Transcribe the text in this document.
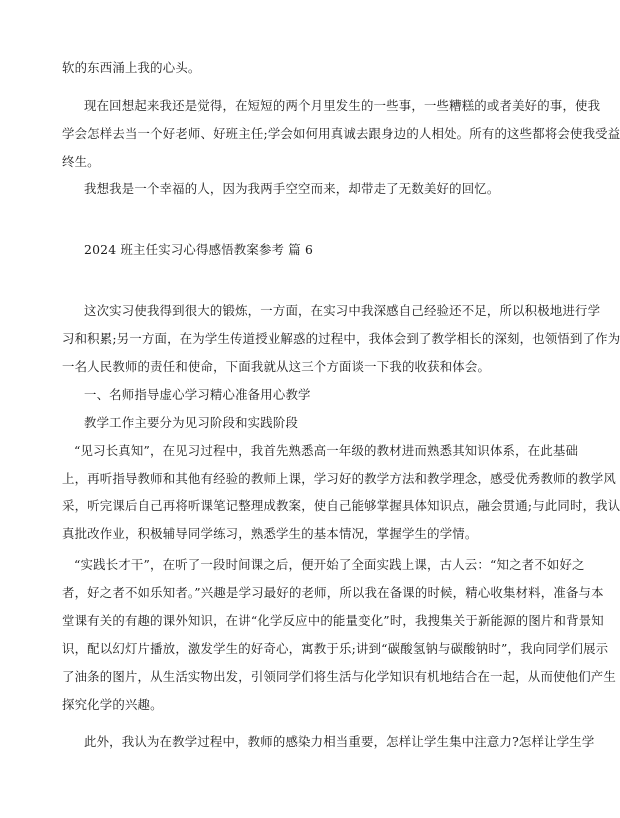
软的东西涌上我的心头。
现在回想起来我还是觉得，在短短的两个月里发生的一些事，一些糟糕的或者美好的事，使我
学会怎样去当一个好老师、好班主任;学会如何用真诚去跟身边的人相处。所有的这些都将会使我受益
终生。
我想我是一个幸福的人，因为我两手空空而来，却带走了无数美好的回忆。
2024 班主任实习心得感悟教案参考 篇 6
这次实习使我得到很大的锻炼，一方面，在实习中我深感自己经验还不足，所以积极地进行学
习和积累;另一方面，在为学生传道授业解惑的过程中，我体会到了教学相长的深刻，也领悟到了作为
一名人民教师的责任和使命，下面我就从这三个方面谈一下我的收获和体会。
一、名师指导虚心学习精心准备用心教学
教学工作主要分为见习阶段和实践阶段
“见习长真知”，在见习过程中，我首先熟悉高一年级的教材进而熟悉其知识体系，在此基础
上，再听指导教师和其他有经验的教师上课，学习好的教学方法和教学理念，感受优秀教师的教学风
采，听完课后自己再将听课笔记整理成教案，使自己能够掌握具体知识点，融会贯通;与此同时，我认
真批改作业，积极辅导同学练习，熟悉学生的基本情况，掌握学生的学情。
“实践长才干”，在听了一段时间课之后，便开始了全面实践上课，古人云：“知之者不如好之
者，好之者不如乐知者。”兴趣是学习最好的老师，所以我在备课的时候，精心收集材料，准备与本
堂课有关的有趣的课外知识，在讲“化学反应中的能量变化”时，我搜集关于新能源的图片和背景知
识，配以幻灯片播放，激发学生的好奇心，寓教于乐;讲到“碳酸氢钠与碳酸钠时”，我向同学们展示
了油条的图片，从生活实物出发，引领同学们将生活与化学知识有机地结合在一起，从而使他们产生
探究化学的兴趣。
此外，我认为在教学过程中，教师的感染力相当重要，怎样让学生集中注意力?怎样让学生学
